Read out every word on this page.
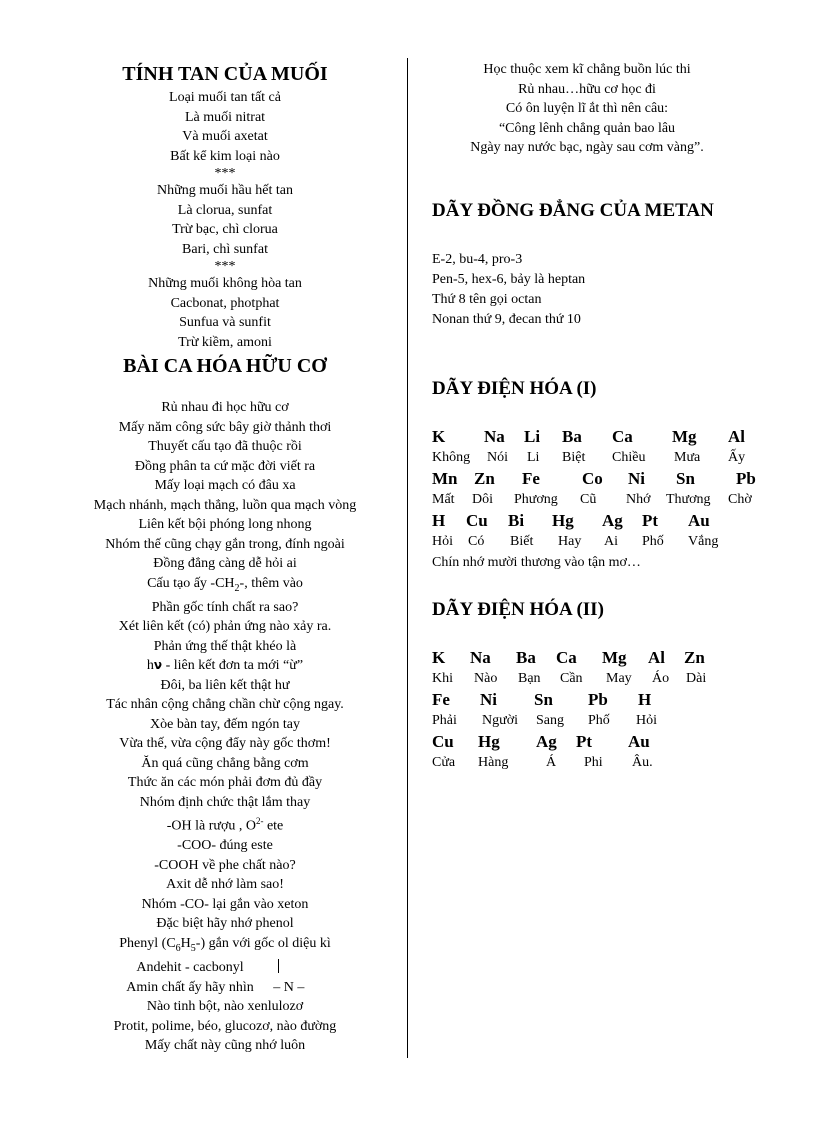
TÍNH TAN CỦA MUỐI
Loại muối tan tất cả
Là muối nitrat
Và muối axetat
Bất kể kim loại nào
***
Những muối hầu hết tan
Là clorua, sunfat
Trừ bạc, chì clorua
Bari, chì sunfat
***
Những muối không hòa tan
Cacbonat, photphat
Sunfua và sunfit
Trừ kiềm, amoni
BÀI CA HÓA HỮU CƠ
Rủ nhau đi học hữu cơ
Mấy năm công sức bây giờ thảnh thơi
Thuyết cấu tạo đã thuộc rồi
Đồng phân ta cứ mặc đời viết ra
Mấy loại mạch có đâu xa
Mạch nhánh, mạch thẳng, luồn qua mạch vòng
Liên kết bội phóng long nhong
Nhóm thế cũng chạy gắn trong, đính ngoài
Đồng đẳng càng dễ hỏi ai
Cấu tạo ấy $-CH_2-$, thêm vào
Phần gốc tính chất ra sao?
Xét liên kết (có) phản ứng nào xảy ra.
Phản ứng thế thật khéo là
hν - liên kết đơn ta mới “ừ”
Đôi, ba liên kết thật hư
Tác nhân cộng chẳng chần chừ cộng ngay.
Xòe bàn tay, đếm ngón tay
Vừa thế, vừa cộng đẩy này gốc thơm!
Ăn quá cũng chẳng bằng cơm
Thức ăn các món phải đơm đủ đầy
Nhóm định chức thật lắm thay
-OH là rượu , $O^{2-}$ ete
-COO- đúng este
-COOH về phe chất nào?
Axit dễ nhớ làm sao!
Nhóm -CO- lại gắn vào xeton
Đặc biệt hãy nhớ phenol
Phenyl $(C_6H_5-)$ gắn với gốc ol diệu kì
Andehit - cacbonyl
Amin chất ấy hãy nhìn – N –
Nào tinh bột, nào xenlulozơ
Protit, polime, béo, glucozơ, nào đường
Mấy chất này cũng nhớ luôn
Học thuộc xem kĩ chẳng buồn lúc thi
Rủ nhau…hữu cơ học đi
Có ôn luyện lĩ ắt thì nên câu:
“Công lênh chẳng quản bao lâu
Ngày nay nước bạc, ngày sau cơm vàng”.
DÃY ĐỒNG ĐẲNG CỦA METAN
E-2, bu-4, pro-3
Pen-5, hex-6, bảy là heptan
Thứ 8 tên gọi octan
Nonan thứ 9, đecan thứ 10
DÃY ĐIỆN HÓA (I)
K Na Li Ba Ca Mg Al
Không Nói Li Biệt Chiều Mưa Ấy
Mn Zn Fe Co Ni Sn Pb
Mất Dôi Phương Cũ Nhớ Thương Chờ
H Cu Bi Hg Ag Pt Au
Hỏi Có Biết Hay Ai Phố Vắng
Chín nhớ mười thương vào tận mơ…
DÃY ĐIỆN HÓA (II)
K Na Ba Ca Mg Al Zn
Khi Nào Bạn Cần May Áo Dài
Fe Ni Sn Pb H
Phải Người Sang Phố Hỏi
Cu Hg Ag Pt Au
Cửa Hàng	Á Phi Âu.
